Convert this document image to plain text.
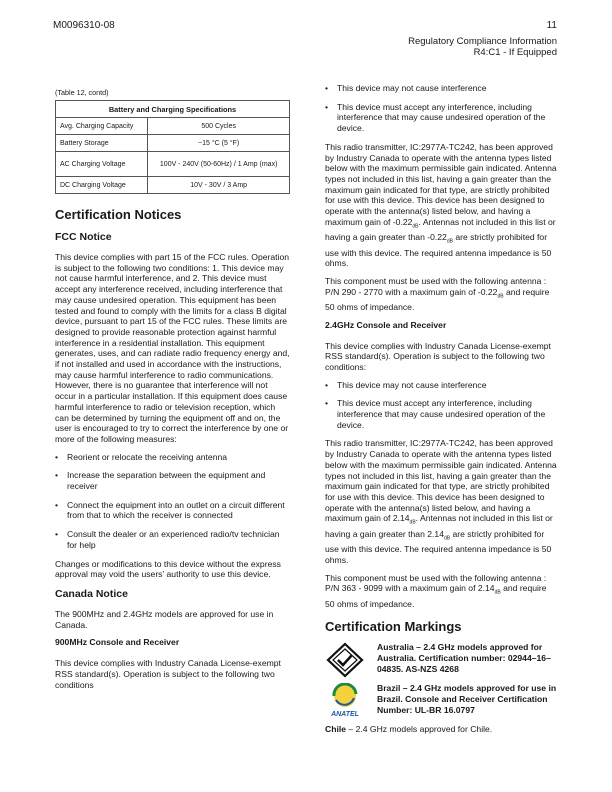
M0096310-08	11
Regulatory Compliance Information
R4:C1 - If Equipped
(Table 12, contd)
Battery and Charging Specifications	
Avg. Charging Capacity	500 Cycles
Battery Storage	−15 °C (5 °F)
AC Charging Voltage	100V - 240V (50-60Hz) / 1 Amp (max)
DC Charging Voltage	10V - 30V / 3 Amp
Certification Notices
FCC Notice

This device complies with part 15 of the FCC rules. Operation is subject to the following two conditions: 1. This device may not cause harmful interference, and 2. This device must accept any interference received, including interference that may cause undesired operation. This equipment has been tested and found to comply with the limits for a class B digital device, pursuant to part 15 of the FCC rules. These limits are designed to provide reasonable protection against harmful interference in a residential installation. This equipment generates, uses, and can radiate radio frequency energy and, if not installed and used in accordance with the instructions, may cause harmful interference to radio communications. However, there is no guarantee that interference will not occur in a particular installation. If this equipment does cause harmful interference to radio or television reception, which can be determined by turning the equipment off and on, the user is encouraged to try to correct the interference by one or more of the following measures:

• Reorient or relocate the receiving antenna
• Increase the separation between the equipment and receiver
• Connect the equipment into an outlet on a circuit different from that to which the receiver is connected
• Consult the dealer or an experienced radio/tv technician for help

Changes or modifications to this device without the express approval may void the users' authority to use this device.

Canada Notice

The 900MHz and 2.4GHz models are approved for use in Canada.

900MHz Console and Receiver

This device complies with Industry Canada License-exempt RSS standard(s). Operation is subject to the following two conditions

• This device may not cause interference
• This device must accept any interference, including interference that may cause undesired operation of the device.

This radio transmitter, IC:2977A-TC242, has been approved by Industry Canada to operate with the antenna types listed below with the maximum permissible gain indicated. Antenna types not included in this list, having a gain greater than the maximum gain indicated for that type, are strictly prohibited for use with this device. This device has been designed to operate with the antenna(s) listed below, and having a maximum gain of $-0.22_{dB}$. Antennas not included in this list or having a gain greater than $-0.22_{dB}$ are strictly prohibited for use with this device. The required antenna impedance is 50 ohms.

This component must be used with the following antenna : P/N 290 - 2770 with a maximum gain of $-0.22_{dB}$ and require 50 ohms of impedance.

2.4GHz Console and Receiver

This device complies with Industry Canada License-exempt RSS standard(s). Operation is subject to the following two conditions:

• This device may not cause interference
• This device must accept any interference, including interference that may cause undesired operation of the device.

This radio transmitter, IC:2977A-TC242, has been approved by Industry Canada to operate with the antenna types listed below with the maximum permissible gain indicated. Antenna types not included in this list, having a gain greater than the maximum gain indicated for that type, are strictly prohibited for use with this device. This device has been designed to operate with the antenna(s) listed below, and having a maximum gain of $2.14_{dB}$. Antennas not included in this list or having a gain greater than $2.14_{dB}$ are strictly prohibited for use with this device. The required antenna impedance is 50 ohms.

This component must be used with the following antenna : P/N 363 - 9099 with a maximum gain of $2.14_{dB}$ and require 50 ohms of impedance.

Certification Markings
Australia – 2.4 GHz models approved for Australia. Certification number: 02944–16–04835. AS-NZS 4268
ANATEL
Brazil – 2.4 GHz models approved for use in Brazil. Console and Receiver Certification Number: UL-BR 16.0797

Chile – 2.4 GHz models approved for Chile.
